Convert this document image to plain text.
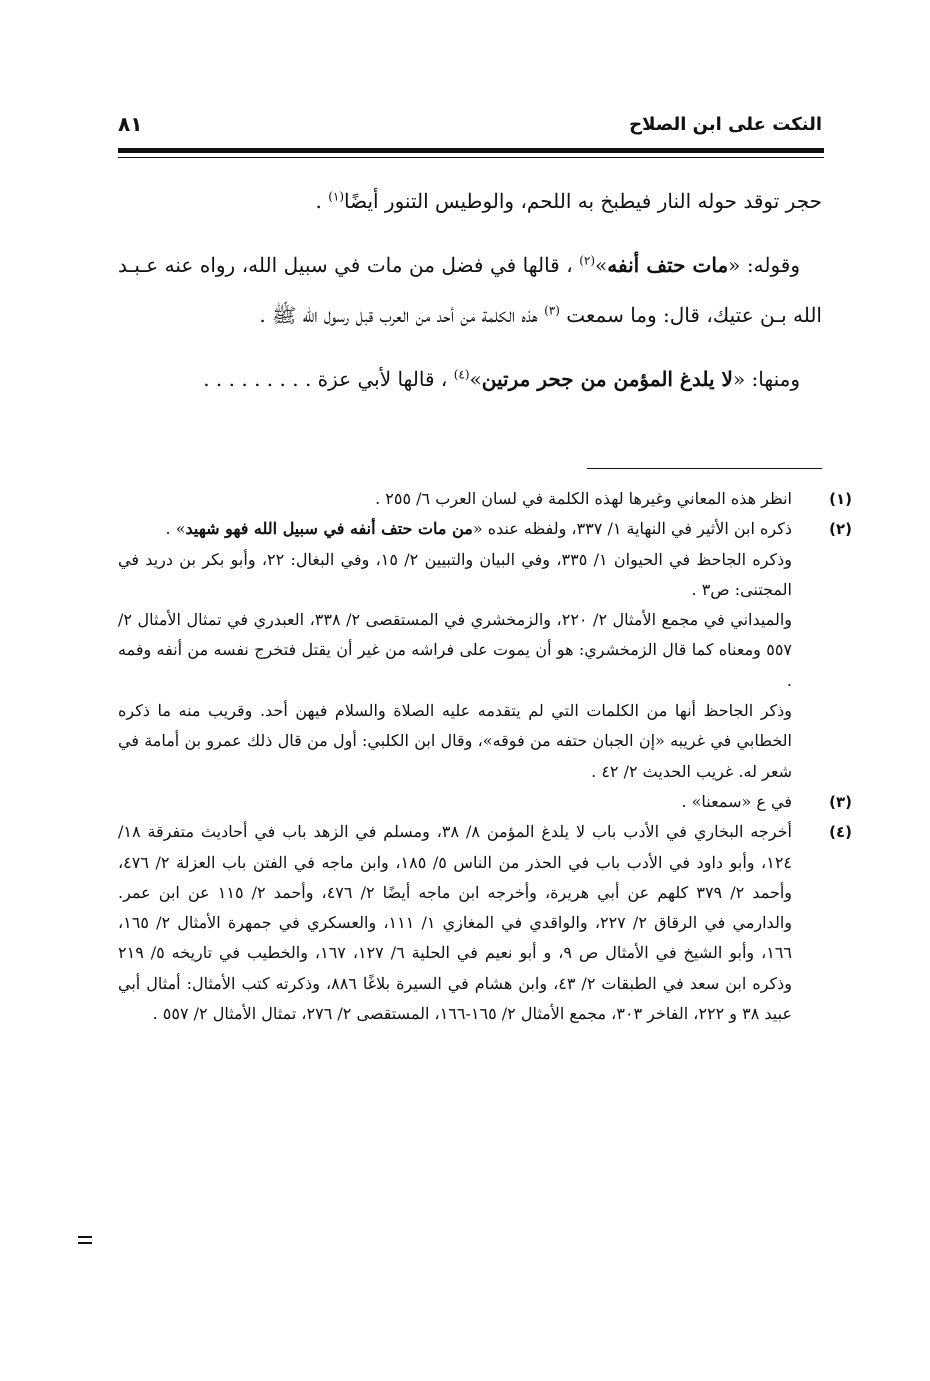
النكت على ابن الصلاح
٨١

حجر توقد حوله النار فيطبخ به اللحم، والوطيس التنور أيضًا$^{(١)}$ .

وقوله: «مات حتف أنفه»$^{(٢)}$ ، قالها في فضل من مات في سبيل الله، رواه عنه عـبـد الله بـن عتيك، قال: وما سمعت $^{(٣)}$ هذه الكلمة من أحد من العرب قبل رسول الله ﷺ .

ومنها: «لا يلدغ المؤمن من جحر مرتين»$^{(٤)}$ ، قالها لأبي عزة . . . . . . . . .

(١)انظر هذه المعاني وغيرها لهذه الكلمة في لسان العرب ٦/ ٢٥٥ .

(٢)ذكره ابن الأثير في النهاية ١/ ٣٣٧، ولفظه عنده «من مات حتف أنفه في سبيل الله فهو شهيد» .

وذكره الجاحظ في الحيوان ١/ ٣٣٥، وفي البيان والتبيين ٢/ ١٥، وفي البغال: ٢٢، وأبو بكر بن دريد في المجتنى: ص٣ .

والميداني في مجمع الأمثال ٢/ ٢٢٠، والزمخشري في المستقصى ٢/ ٣٣٨، العبدري في تمثال الأمثال ٢/ ٥٥٧ ومعناه كما قال الزمخشري: هو أن يموت على فراشه من غير أن يقتل فتخرج نفسه من أنفه وفمه .

وذكر الجاحظ أنها من الكلمات التي لم يتقدمه عليه الصلاة والسلام فيهن أحد. وقريب منه ما ذكره الخطابي في غريبه «إن الجبان حتفه من فوقه»، وقال ابن الكلبي: أول من قال ذلك عمرو بن أمامة في شعر له. غريب الحديث ٢/ ٤٢ .

(٣)في ع «سمعنا» .

(٤)أخرجه البخاري في الأدب باب لا يلدغ المؤمن ٨/ ٣٨، ومسلم في الزهد باب في أحاديث متفرقة ١٨/ ١٢٤، وأبو داود في الأدب باب في الحذر من الناس ٥/ ١٨٥، وابن ماجه في الفتن باب العزلة ٢/ ٤٧٦، وأحمد ٢/ ٣٧٩ كلهم عن أبي هريرة، وأخرجه ابن ماجه أيضًا ٢/ ٤٧٦، وأحمد ٢/ ١١٥ عن ابن عمر. والدارمي في الرقاق ٢/ ٢٢٧، والواقدي في المغازي ١/ ١١١، والعسكري في جمهرة الأمثال ٢/ ١٦٥، ١٦٦، وأبو الشيخ في الأمثال ص ٩، و أبو نعيم في الحلية ٦/ ١٢٧، ١٦٧، والخطيب في تاريخه ٥/ ٢١٩ وذكره ابن سعد في الطبقات ٢/ ٤٣، وابن هشام في السيرة بلاغًا ٨٨٦، وذكرته كتب الأمثال: أمثال أبي عبيد ٣٨ و ٢٢٢، الفاخر ٣٠٣، مجمع الأمثال ٢/ ١٦٥-١٦٦، المستقصى ٢/ ٢٧٦، تمثال الأمثال ٢/ ٥٥٧ .
